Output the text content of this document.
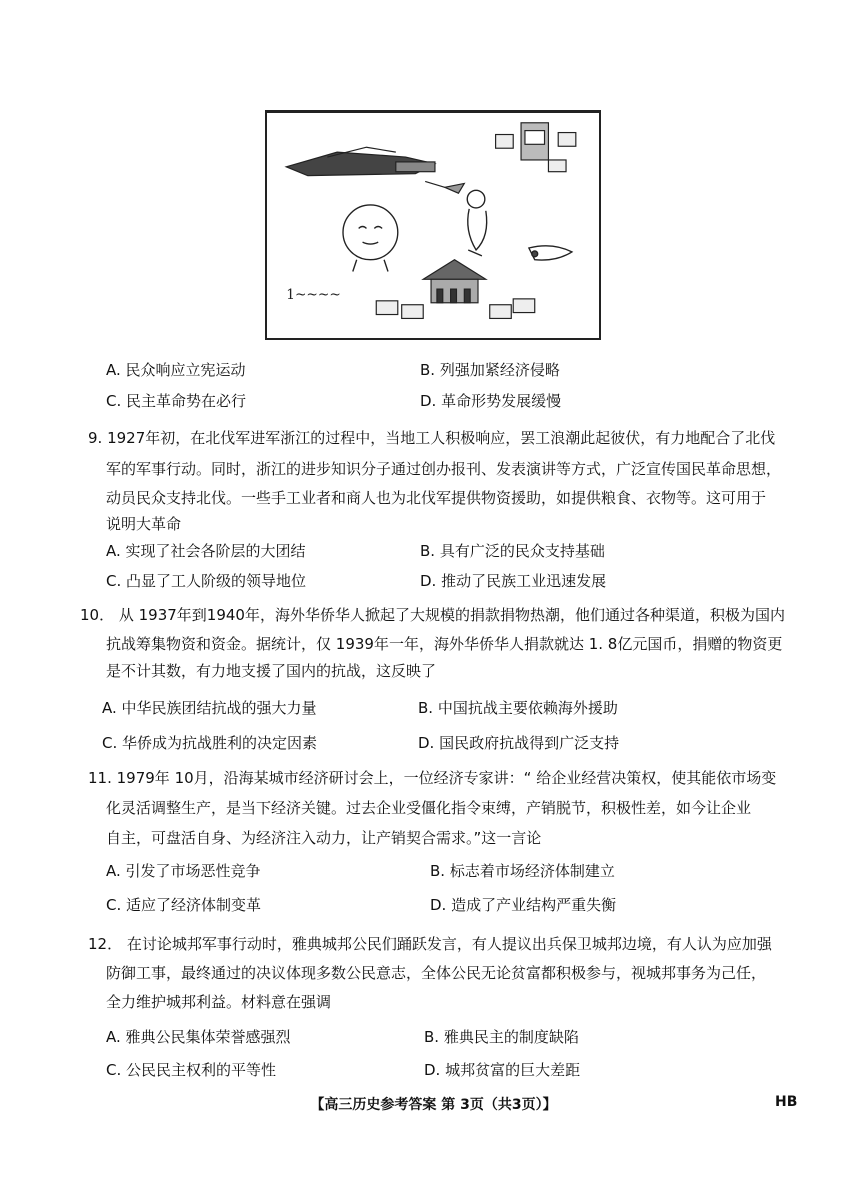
1~~~~
A. 民众响应立宪运动	B. 列强加紧经济侵略
C. 民主革命势在必行	D. 革命形势发展缓慢
9. 1927年初，在北伐军进军浙江的过程中，当地工人积极响应，罢工浪潮此起彼伏，有力地配合了北伐
军的军事行动。同时，浙江的进步知识分子通过创办报刊、发表演讲等方式，广泛宣传国民革命思想，
动员民众支持北伐。一些手工业者和商人也为北伐军提供物资援助，如提供粮食、衣物等。这可用于
说明大革命
A. 实现了社会各阶层的大团结	B. 具有广泛的民众支持基础
C. 凸显了工人阶级的领导地位	D. 推动了民族工业迅速发展
10． 从 1937年到1940年，海外华侨华人掀起了大规模的捐款捐物热潮，他们通过各种渠道，积极为国内
抗战筹集物资和资金。据统计，仅 1939年一年，海外华侨华人捐款就达 1. 8亿元国币，捐赠的物资更
是不计其数，有力地支援了国内的抗战，这反映了
A. 中华民族团结抗战的强大力量	B. 中国抗战主要依赖海外援助
C. 华侨成为抗战胜利的决定因素	D. 国民政府抗战得到广泛支持
11. 1979年 10月，沿海某城市经济研讨会上，一位经济专家讲：“ 给企业经营决策权，使其能依市场变
化灵活调整生产，是当下经济关键。过去企业受僵化指令束缚，产销脱节，积极性差，如今让企业
自主，可盘活自身、为经济注入动力，让产销契合需求。”这一言论
A. 引发了市场恶性竞争	B. 标志着市场经济体制建立
C. 适应了经济体制变革	D. 造成了产业结构严重失衡
12． 在讨论城邦军事行动时，雅典城邦公民们踊跃发言，有人提议出兵保卫城邦边境，有人认为应加强
防御工事，最终通过的决议体现多数公民意志，全体公民无论贫富都积极参与，视城邦事务为己任，
全力维护城邦利益。材料意在强调
A. 雅典公民集体荣誉感强烈	B. 雅典民主的制度缺陷
C. 公民民主权利的平等性	D. 城邦贫富的巨大差距
【高三历史参考答案 第 3页（共3页）】	HB
